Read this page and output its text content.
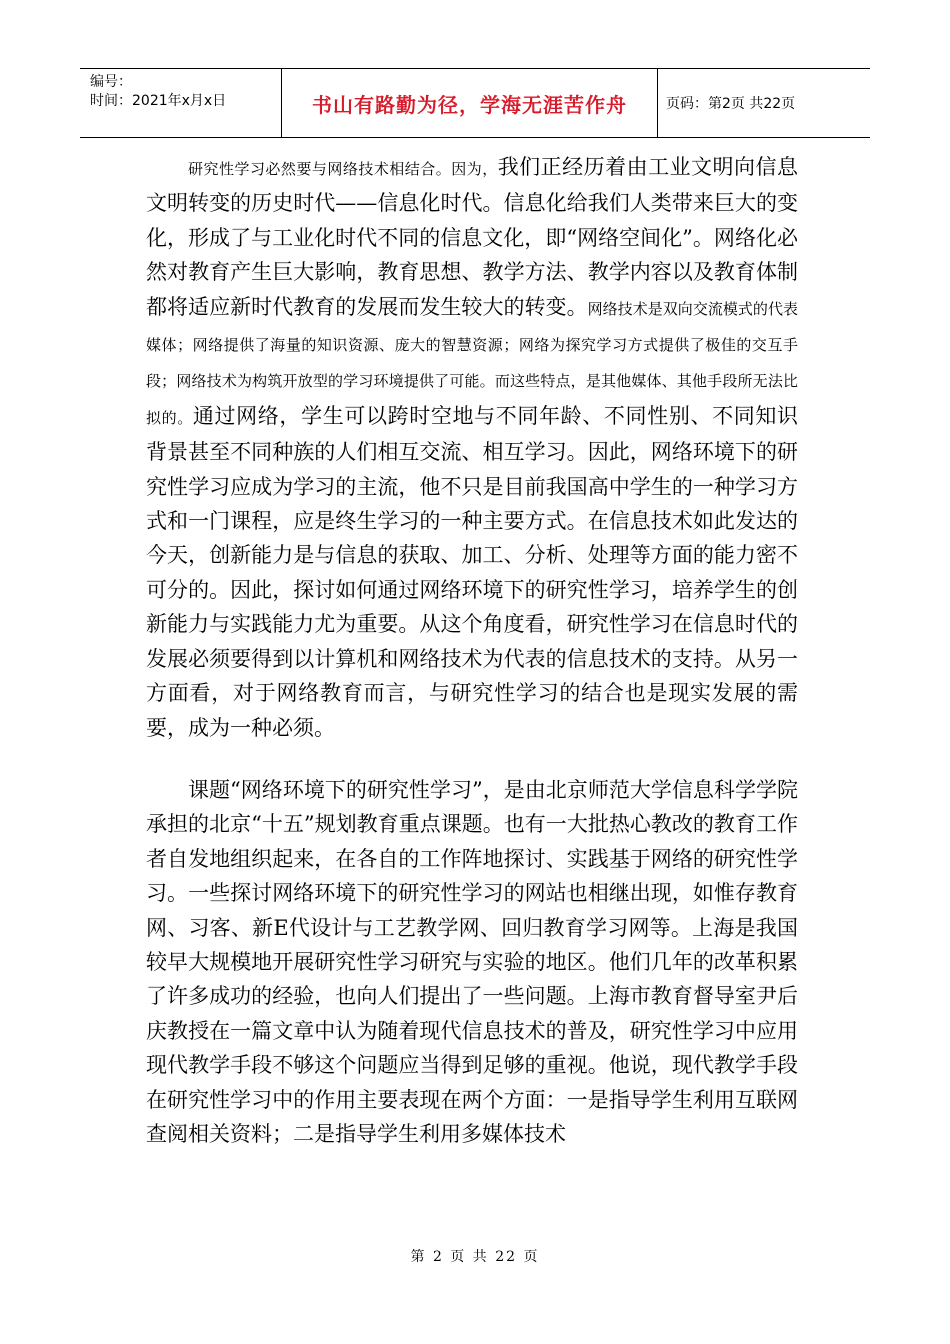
编号：
时间：2021年x月x日	书山有路勤为径，学海无涯苦作舟	页码：第2页 共22页

研究性学习必然要与网络技术相结合。因为，我们正经历着由工业文明向信息文明转变的历史时代——信息化时代。信息化给我们人类带来巨大的变化，形成了与工业化时代不同的信息文化，即“网络空间化”。网络化必然对教育产生巨大影响，教育思想、教学方法、教学内容以及教育体制都将适应新时代教育的发展而发生较大的转变。网络技术是双向交流模式的代表媒体；网络提供了海量的知识资源、庞大的智慧资源；网络为探究学习方式提供了极佳的交互手段；网络技术为构筑开放型的学习环境提供了可能。而这些特点，是其他媒体、其他手段所无法比拟的。通过网络，学生可以跨时空地与不同年龄、不同性别、不同知识背景甚至不同种族的人们相互交流、相互学习。因此，网络环境下的研究性学习应成为学习的主流，他不只是目前我国高中学生的一种学习方式和一门课程，应是终生学习的一种主要方式。在信息技术如此发达的今天，创新能力是与信息的获取、加工、分析、处理等方面的能力密不可分的。因此，探讨如何通过网络环境下的研究性学习，培养学生的创新能力与实践能力尤为重要。从这个角度看，研究性学习在信息时代的发展必须要得到以计算机和网络技术为代表的信息技术的支持。从另一方面看，对于网络教育而言，与研究性学习的结合也是现实发展的需要，成为一种必须。

课题“网络环境下的研究性学习”，是由北京师范大学信息科学学院承担的北京“十五”规划教育重点课题。也有一大批热心教改的教育工作者自发地组织起来，在各自的工作阵地探讨、实践基于网络的研究性学习。一些探讨网络环境下的研究性学习的网站也相继出现，如惟存教育网、习客、新E代设计与工艺教学网、回归教育学习网等。上海是我国较早大规模地开展研究性学习研究与实验的地区。他们几年的改革积累了许多成功的经验，也向人们提出了一些问题。上海市教育督导室尹后庆教授在一篇文章中认为随着现代信息技术的普及，研究性学习中应用现代教学手段不够这个问题应当得到足够的重视。他说，现代教学手段在研究性学习中的作用主要表现在两个方面：一是指导学生利用互联网查阅相关资料；二是指导学生利用多媒体技术

第 2 页 共 22 页
